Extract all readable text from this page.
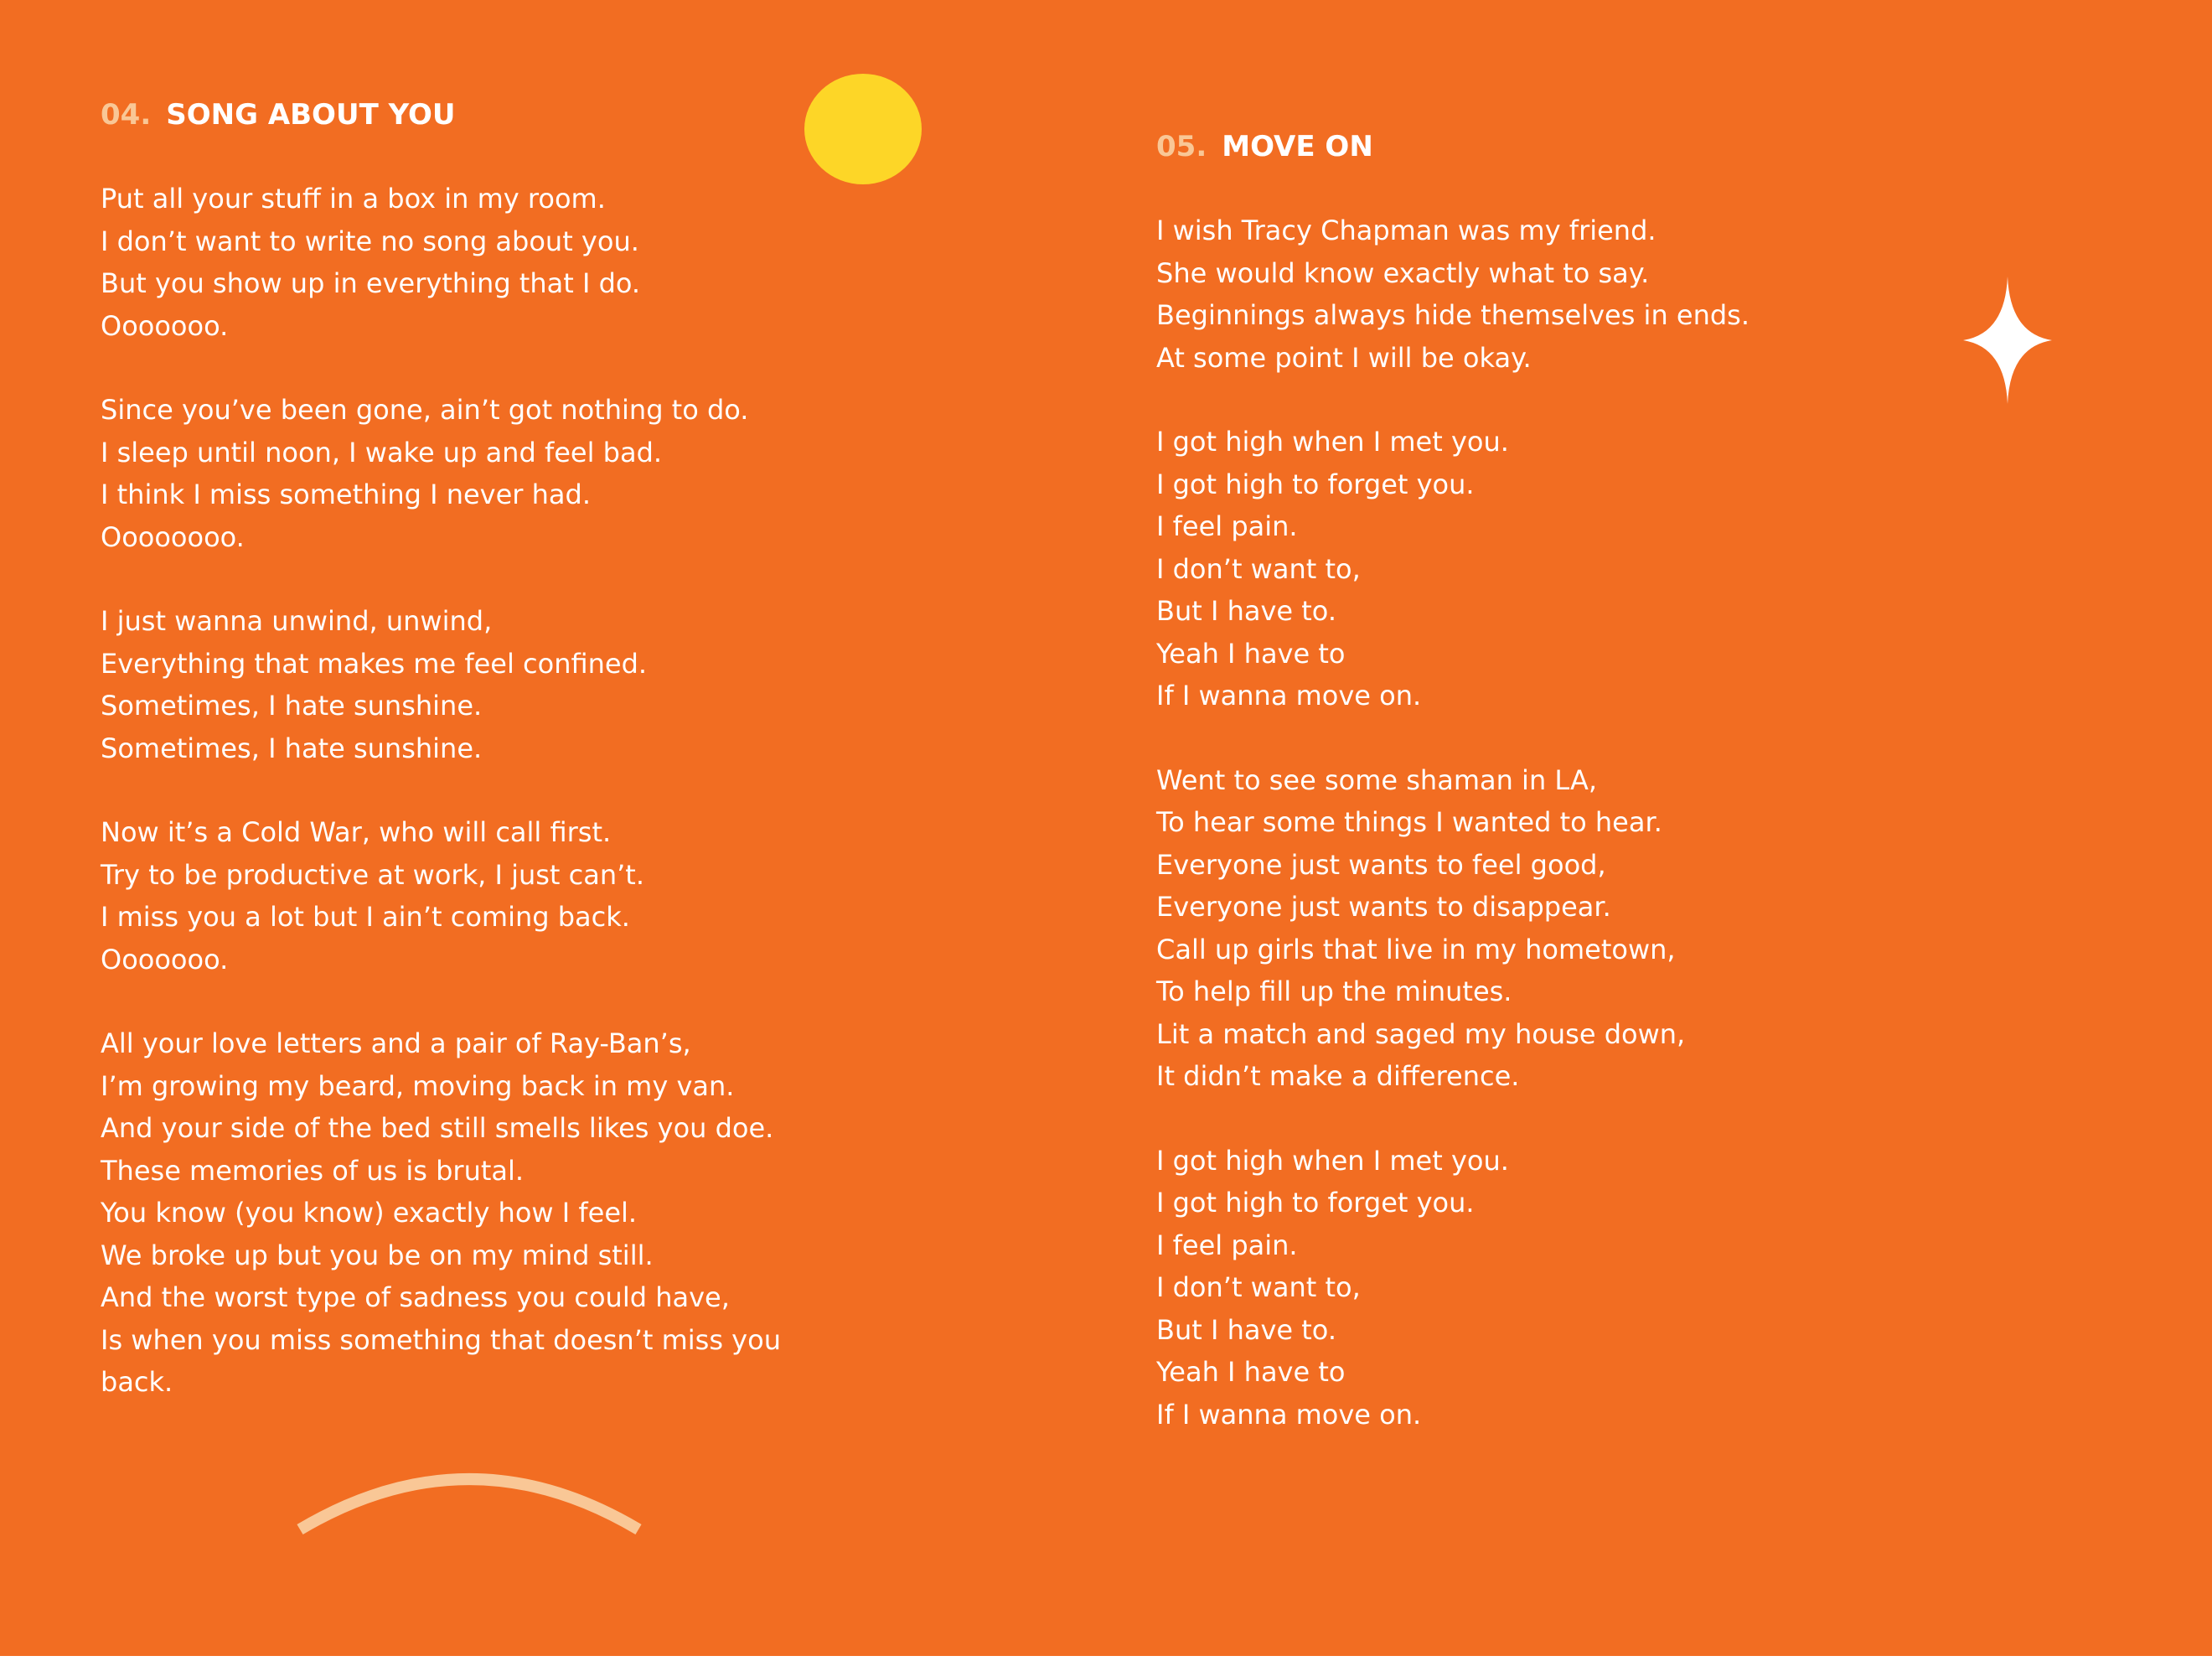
04. SONG ABOUT YOU
Put all your stuff in a box in my room.
I don’t want to write no song about you.
But you show up in everything that I do.
Ooooooo.
Since you’ve been gone, ain’t got nothing to do.
I sleep until noon, I wake up and feel bad.
I think I miss something I never had.
Oooooooo.
I just wanna unwind, unwind,
Everything that makes me feel confined.
Sometimes, I hate sunshine.
Sometimes, I hate sunshine.
Now it’s a Cold War, who will call first.
Try to be productive at work, I just can’t.
I miss you a lot but I ain’t coming back.
Ooooooo.
All your love letters and a pair of Ray-Ban’s,
I’m growing my beard, moving back in my van.
And your side of the bed still smells likes you doe.
These memories of us is brutal.
You know (you know) exactly how I feel.
We broke up but you be on my mind still.
And the worst type of sadness you could have,
Is when you miss something that doesn’t miss you
back.
05. MOVE ON
I wish Tracy Chapman was my friend.
She would know exactly what to say.
Beginnings always hide themselves in ends.
At some point I will be okay.
I got high when I met you.
I got high to forget you.
I feel pain.
I don’t want to,
But I have to.
Yeah I have to
If I wanna move on.
Went to see some shaman in LA,
To hear some things I wanted to hear.
Everyone just wants to feel good,
Everyone just wants to disappear.
Call up girls that live in my hometown,
To help fill up the minutes.
Lit a match and saged my house down,
It didn’t make a difference.
I got high when I met you.
I got high to forget you.
I feel pain.
I don’t want to,
But I have to.
Yeah I have to
If I wanna move on.
